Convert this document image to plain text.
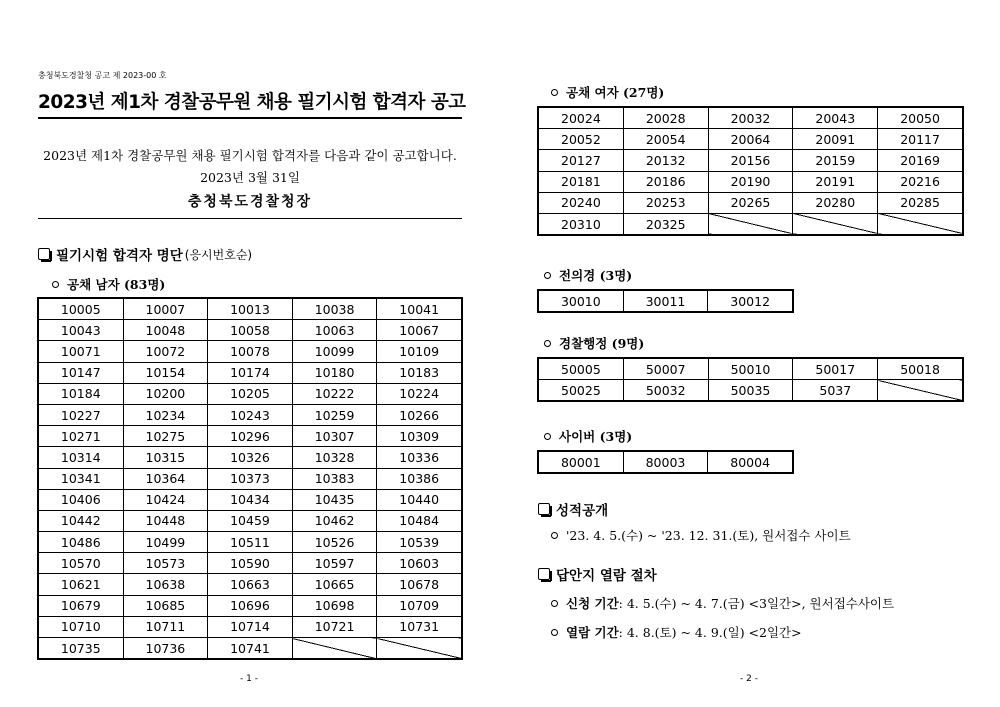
충청북도경찰청 공고 제 2023-00 호
2023년 제1차 경찰공무원 채용 필기시험 합격자 공고
2023년 제1차 경찰공무원 채용 필기시험 합격자를 다음과 같이 공고합니다.
2023년 3월 31일
충청북도경찰청장
필기시험 합격자 명단 (응시번호순)
공채 남자 (83명)
10005	10007	10013	10038	10041
10043	10048	10058	10063	10067
10071	10072	10078	10099	10109
10147	10154	10174	10180	10183
10184	10200	10205	10222	10224
10227	10234	10243	10259	10266
10271	10275	10296	10307	10309
10314	10315	10326	10328	10336
10341	10364	10373	10383	10386
10406	10424	10434	10435	10440
10442	10448	10459	10462	10484
10486	10499	10511	10526	10539
10570	10573	10590	10597	10603
10621	10638	10663	10665	10678
10679	10685	10696	10698	10709
10710	10711	10714	10721	10731
10735	10736	10741		
- 1 -
공채 여자 (27명)
20024	20028	20032	20043	20050
20052	20054	20064	20091	20117
20127	20132	20156	20159	20169
20181	20186	20190	20191	20216
20240	20253	20265	20280	20285
20310	20325			
전의경 (3명)
30010	30011	30012
경찰행정 (9명)
50005	50007	50010	50017	50018
50025	50032	50035	5037	
사이버 (3명)
80001	80003	80004
성적공개
'23. 4. 5.(수) ~ '23. 12. 31.(토), 원서접수 사이트
답안지 열람 절차
신청 기간: 4. 5.(수) ~ 4. 7.(금) <3일간>, 원서접수사이트
열람 기간: 4. 8.(토) ~ 4. 9.(일) <2일간>
- 2 -
